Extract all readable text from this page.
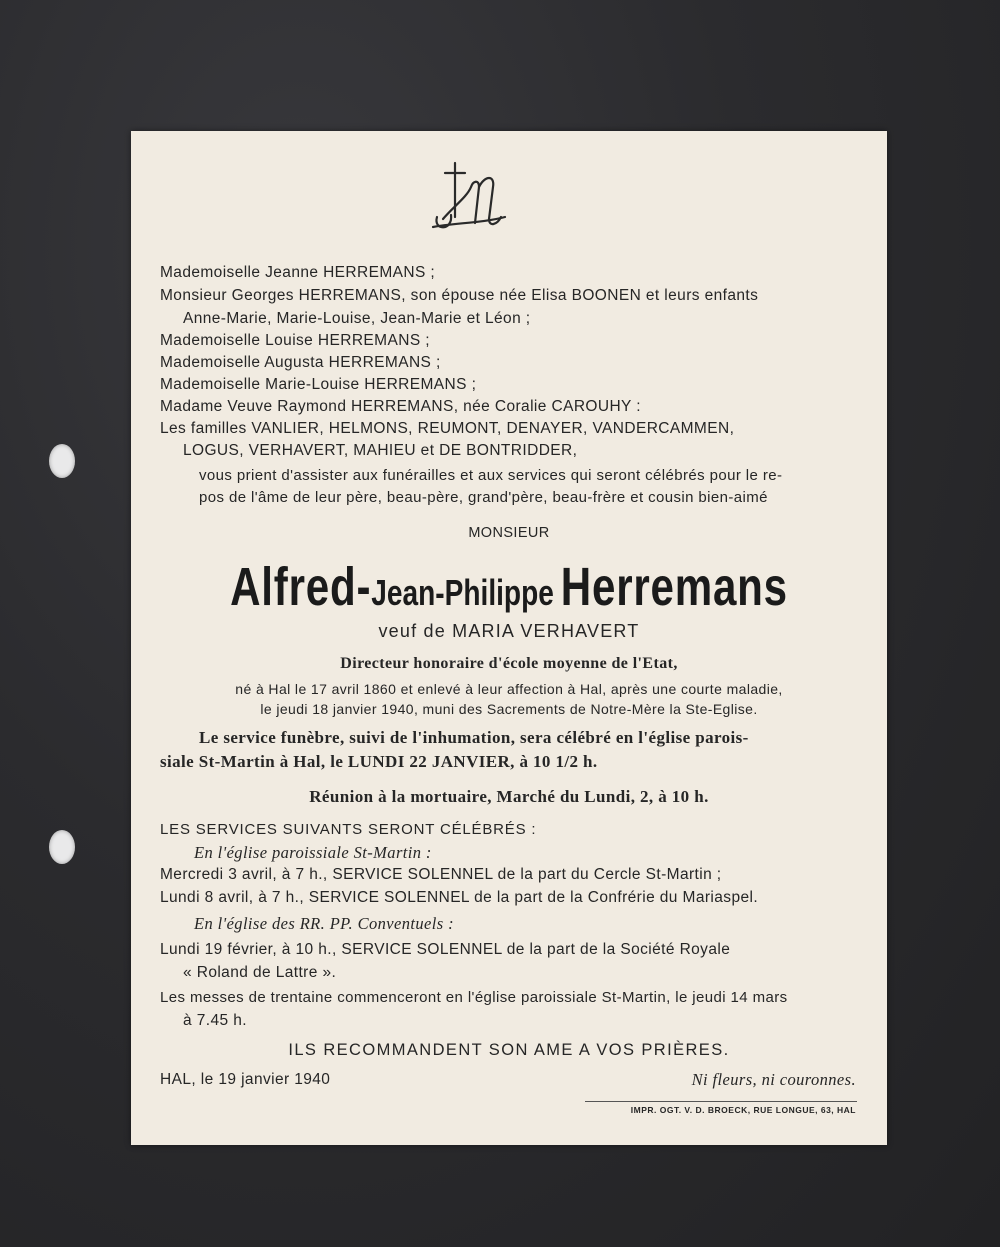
Mademoiselle Jeanne HERREMANS ;
Monsieur Georges HERREMANS, son épouse née Elisa BOONEN et leurs enfants
Anne-Marie, Marie-Louise, Jean-Marie et Léon ;
Mademoiselle Louise HERREMANS ;
Mademoiselle Augusta HERREMANS ;
Mademoiselle Marie-Louise HERREMANS ;
Madame Veuve Raymond HERREMANS, née Coralie CAROUHY :
Les familles VANLIER, HELMONS, REUMONT, DENAYER, VANDERCAMMEN,
LOGUS, VERHAVERT, MAHIEU et DE BONTRIDDER,
vous prient d'assister aux funérailles et aux services qui seront célébrés pour le re-
pos de l'âme de leur père, beau-père, grand'père, beau-frère et cousin bien-aimé
MONSIEUR
Alfred-Jean-Philippe Herremans
veuf de MARIA VERHAVERT
Directeur honoraire d'école moyenne de l'Etat,
né à Hal le 17 avril 1860 et enlevé à leur affection à Hal, après une courte maladie,
le jeudi 18 janvier 1940, muni des Sacrements de Notre-Mère la Ste-Eglise.
Le service funèbre, suivi de l'inhumation, sera célébré en l'église parois-
siale St-Martin à Hal, le LUNDI 22 JANVIER, à 10 1/2 h.
Réunion à la mortuaire, Marché du Lundi, 2, à 10 h.
LES SERVICES SUIVANTS SERONT CÉLÉBRÉS :
En l'église paroissiale St-Martin :
Mercredi 3 avril, à 7 h., SERVICE SOLENNEL de la part du Cercle St-Martin ;
Lundi 8 avril, à 7 h., SERVICE SOLENNEL de la part de la Confrérie du Mariaspel.
En l'église des RR. PP. Conventuels :
Lundi 19 février, à 10 h., SERVICE SOLENNEL de la part de la Société Royale
« Roland de Lattre ».
Les messes de trentaine commenceront en l'église paroissiale St-Martin, le jeudi 14 mars
à 7.45 h.
ILS RECOMMANDENT SON AME A VOS PRIÈRES.
HAL, le 19 janvier 1940	Ni fleurs, ni couronnes.
IMPR. OGT. V. D. BROECK, RUE LONGUE, 63, HAL
